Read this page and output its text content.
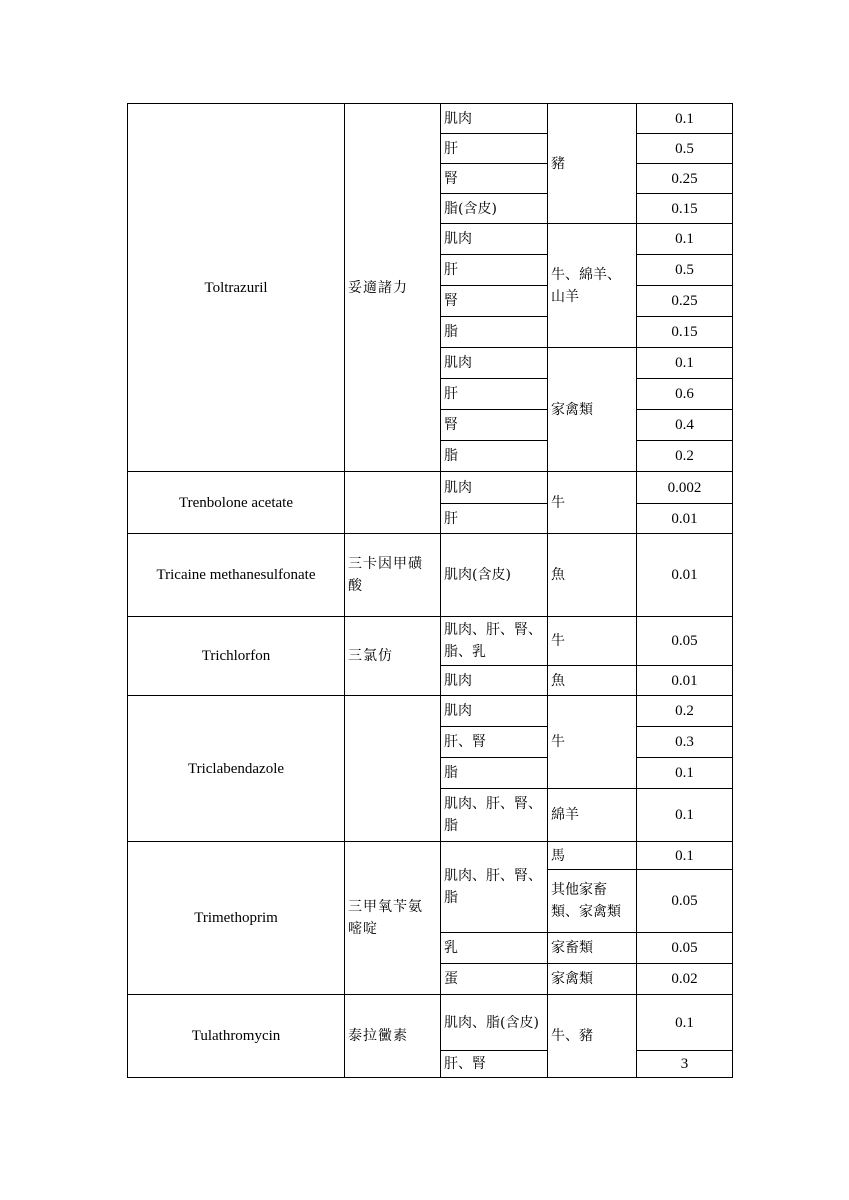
Toltrazuril	妥適諸力	肌肉	豬	0.1
		肝		0.5
		腎		0.25
		脂(含皮)		0.15
		肌肉	牛、綿羊、山羊	0.1
		肝		0.5
		腎		0.25
		脂		0.15
		肌肉	家禽類	0.1
		肝		0.6
		腎		0.4
		脂		0.2
Trenbolone acetate		肌肉	牛	0.002
		肝		0.01
Tricaine methanesulfonate	三卡因甲磺酸	肌肉(含皮)	魚	0.01
Trichlorfon	三氯仿	肌肉、肝、腎、脂、乳	牛	0.05
		肌肉	魚	0.01
Triclabendazole		肌肉	牛	0.2
		肝、腎		0.3
		脂		0.1
		肌肉、肝、腎、脂	綿羊	0.1
Trimethoprim	三甲氧苄氨嘧啶	肌肉、肝、腎、脂	馬	0.1
			其他家畜類、家禽類	0.05
		乳	家畜類	0.05
		蛋	家禽類	0.02
Tulathromycin	泰拉黴素	肌肉、脂(含皮)	牛、豬	0.1
		肝、腎		3
